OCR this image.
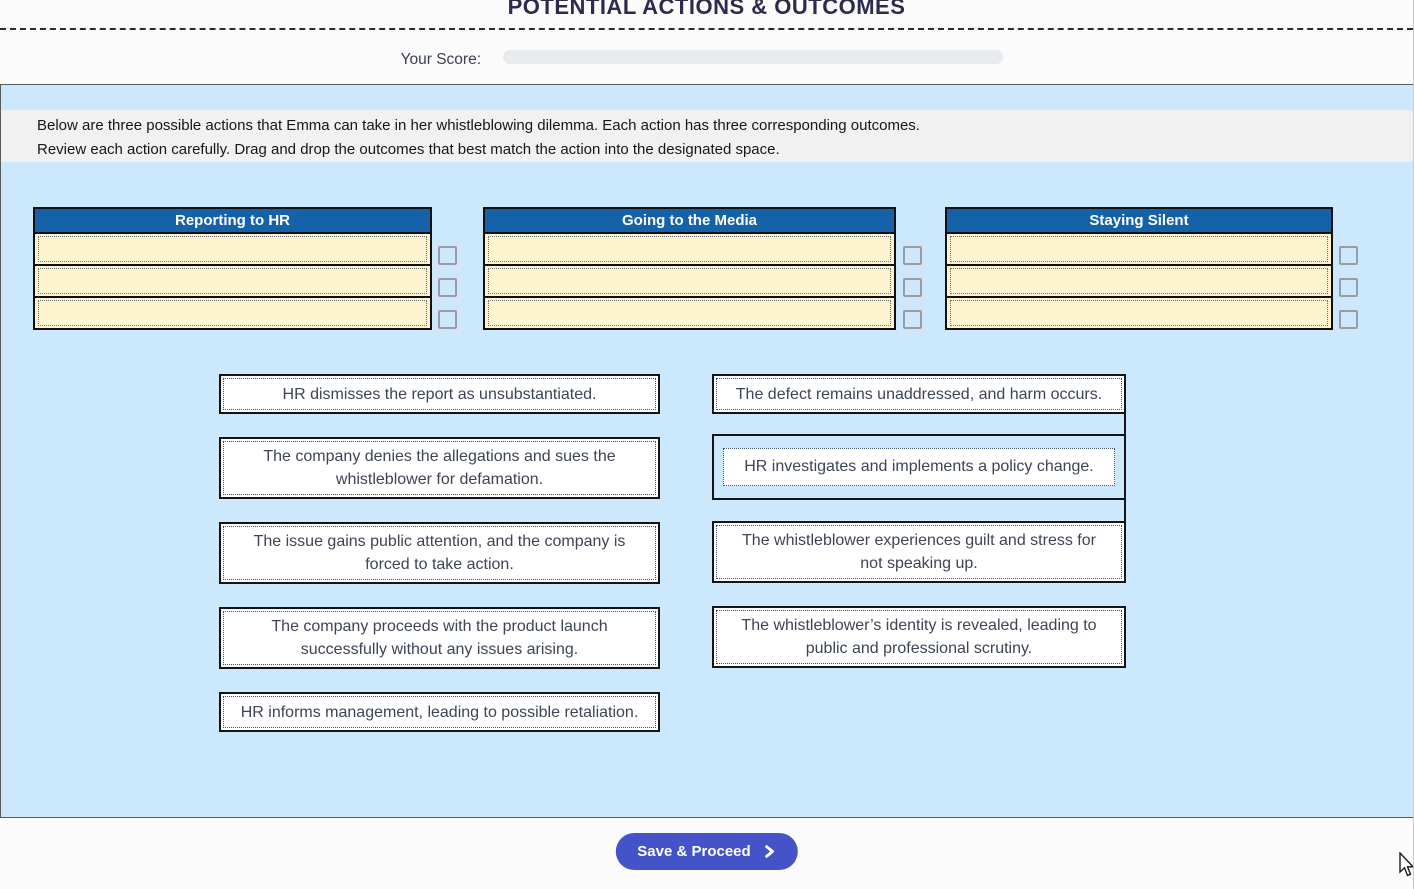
POTENTIAL ACTIONS & OUTCOMES
Your Score:
Below are three possible actions that Emma can take in her whistleblowing dilemma. Each action has three corresponding outcomes.
Review each action carefully. Drag and drop the outcomes that best match the action into the designated space.
Reporting to HR	Going to the Media	Staying Silent
HR dismisses the report as unsubstantiated.
The company denies the allegations and sues the whistleblower for defamation.
The issue gains public attention, and the company is forced to take action.
The company proceeds with the product launch successfully without any issues arising.
HR informs management, leading to possible retaliation.
The defect remains unaddressed, and harm occurs.
HR investigates and implements a policy change.
The whistleblower experiences guilt and stress for not speaking up.
The whistleblower’s identity is revealed, leading to public and professional scrutiny.
Save & Proceed
